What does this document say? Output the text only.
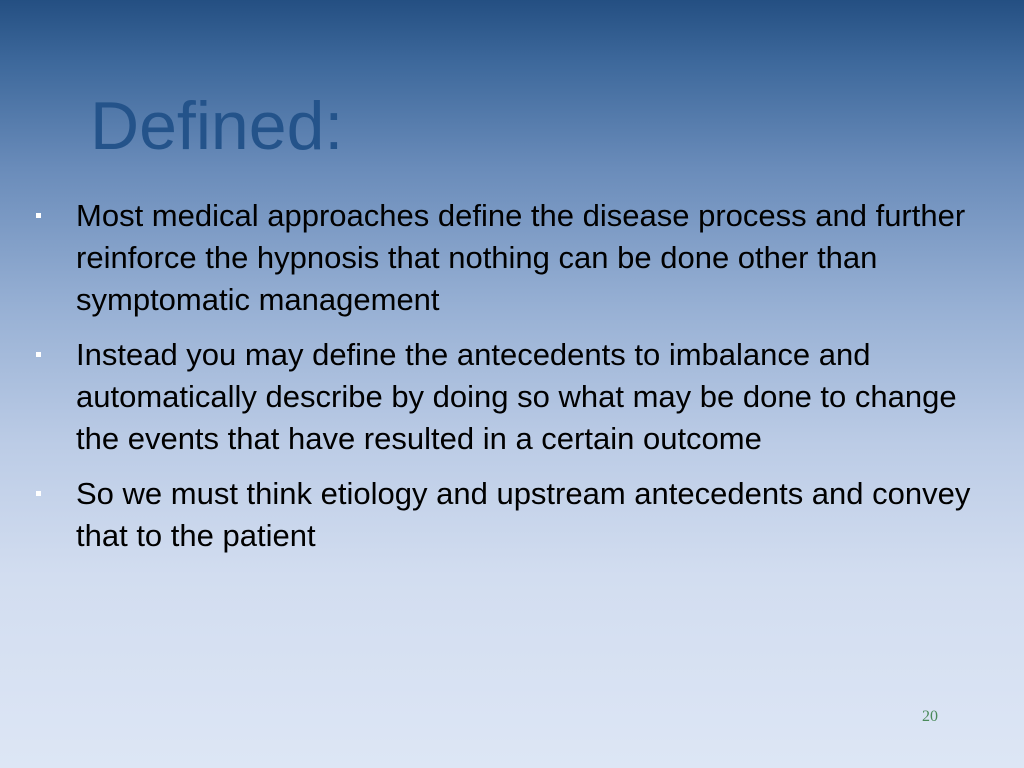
Defined:
Most medical approaches define the disease process and further reinforce the hypnosis that nothing can be done other than symptomatic management
Instead you may define the antecedents to imbalance and automatically describe by doing so what may be done to change the events that have resulted in a certain outcome
So we must think etiology and upstream antecedents and convey that to the patient
20
